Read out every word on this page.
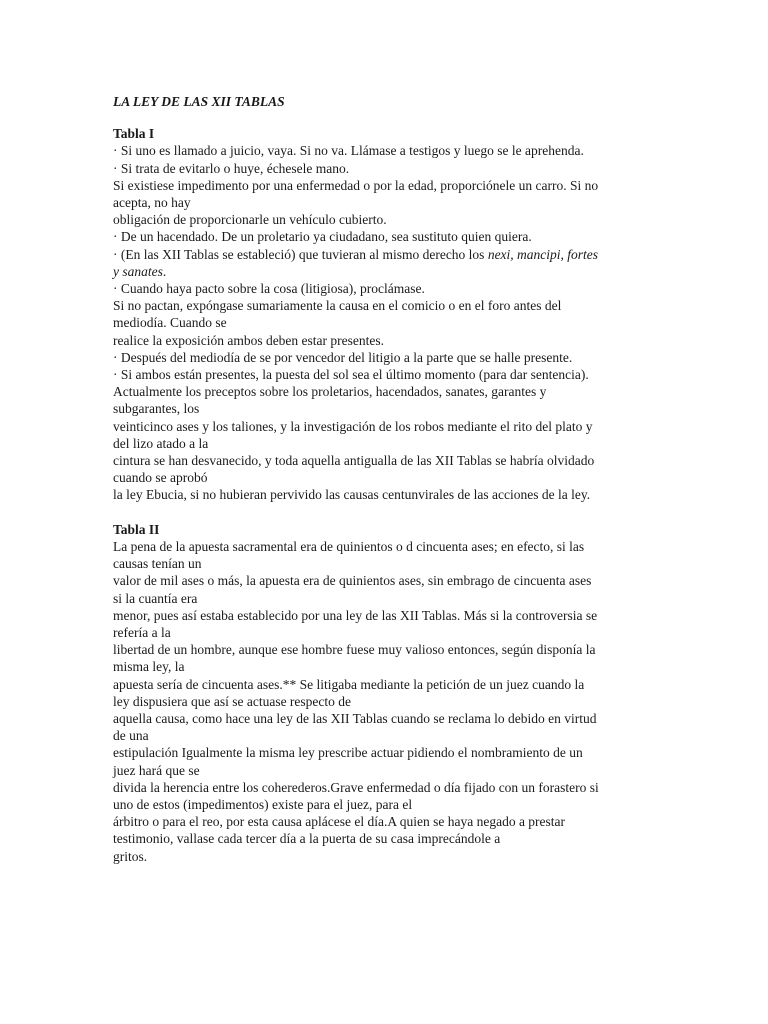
LA LEY DE LAS XII TABLAS
Tabla I
· Si uno es llamado a juicio, vaya. Si no va. Llámase a testigos y luego se le aprehenda.
· Si trata de evitarlo o huye, échesele mano.
Si existiese impedimento por una enfermedad o por la edad, proporciónele un carro. Si no
acepta, no hay
obligación de proporcionarle un vehículo cubierto.
· De un hacendado. De un proletario ya ciudadano, sea sustituto quien quiera.
· (En las XII Tablas se estableció) que tuvieran al mismo derecho los nexi, mancipi, fortes
y sanates.
· Cuando haya pacto sobre la cosa (litigiosa), proclámase.
Si no pactan, expóngase sumariamente la causa en el comicio o en el foro antes del
mediodía. Cuando se
realice la exposición ambos deben estar presentes.
· Después del mediodía de se por vencedor del litigio a la parte que se halle presente.
· Si ambos están presentes, la puesta del sol sea el último momento (para dar sentencia).
Actualmente los preceptos sobre los proletarios, hacendados, sanates, garantes y
subgarantes, los
veinticinco ases y los taliones, y la investigación de los robos mediante el rito del plato y
del lizo atado a la
cintura se han desvanecido, y toda aquella antigualla de las XII Tablas se habría olvidado
cuando se aprobó
la ley Ebucia, si no hubieran pervivido las causas centunvirales de las acciones de la ley.
Tabla II
La pena de la apuesta sacramental era de quinientos o d cincuenta ases; en efecto, si las
causas tenían un
valor de mil ases o más, la apuesta era de quinientos ases, sin embrago de cincuenta ases
si la cuantía era
menor, pues así estaba establecido por una ley de las XII Tablas. Más si la controversia se
refería a la
libertad de un hombre, aunque ese hombre fuese muy valioso entonces, según disponía la
misma ley, la
apuesta sería de cincuenta ases.** Se litigaba mediante la petición de un juez cuando la
ley dispusiera que así se actuase respecto de
aquella causa, como hace una ley de las XII Tablas cuando se reclama lo debido en virtud
de una
estipulación Igualmente la misma ley prescribe actuar pidiendo el nombramiento de un
juez hará que se
divida la herencia entre los coherederos.Grave enfermedad o día fijado con un forastero si
uno de estos (impedimentos) existe para el juez, para el
árbitro o para el reo, por esta causa aplácese el día.A quien se haya negado a prestar
testimonio, vallase cada tercer día a la puerta de su casa imprecándole a
gritos.
